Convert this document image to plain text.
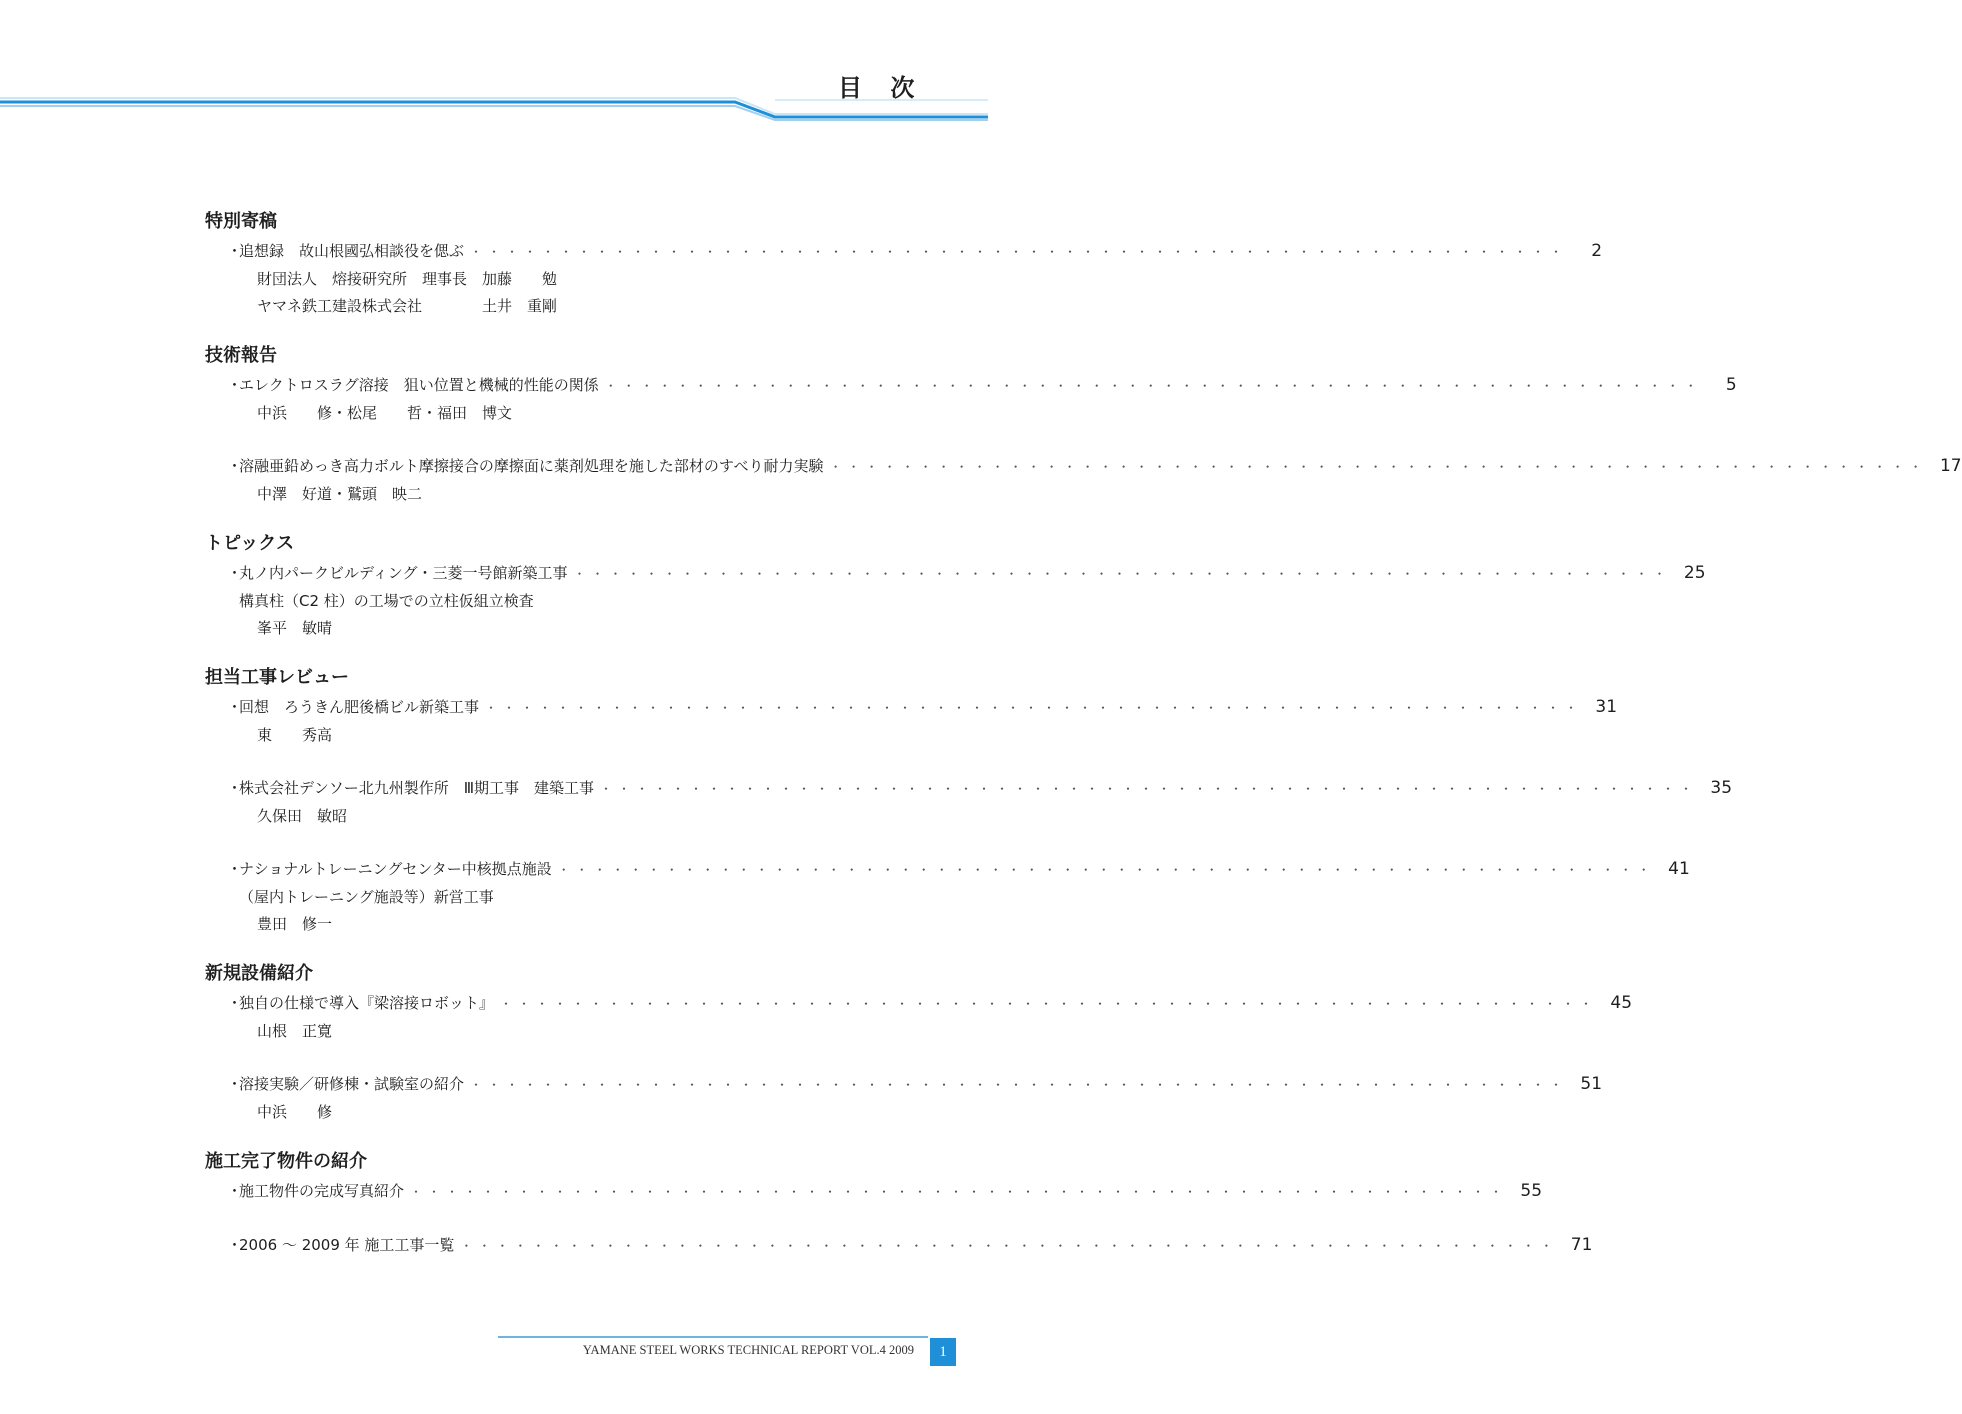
目 次
特別寄稿
・
追想録　故山根國弘相談役を偲ぶ ・・・・・・・・・・・・・・・・・・・・・・・・・・・・・・・・・・・・・・・・・・・・・・・・・・・・・・・・・・・・・	2
財団法人　熔接研究所　理事長　加藤　　勉
ヤマネ鉄工建設株式会社　　　　土井　重剛
技術報告
・
エレクトロスラグ溶接　狙い位置と機械的性能の関係 ・・・・・・・・・・・・・・・・・・・・・・・・・・・・・・・・・・・・・・・・・・・・・・・・・・・・・・・・・・・・・	5
中浜　　修・松尾　　哲・福田　博文
・
溶融亜鉛めっき高力ボルト摩擦接合の摩擦面に薬剤処理を施した部材のすべり耐力実験 ・・・・・・・・・・・・・・・・・・・・・・・・・・・・・・・・・・・・・・・・・・・・・・・・・・・・・・・・・・・・・ 17
中澤　好道・鷲頭　映二
トピックス
・
丸ノ内パークビルディング・三菱一号館新築工事 ・・・・・・・・・・・・・・・・・・・・・・・・・・・・・・・・・・・・・・・・・・・・・・・・・・・・・・・・・・・・・ 25
構真柱（C2 柱）の工場での立柱仮組立検査
峯平　敏晴
担当工事レビュー
・
回想　ろうきん肥後橋ビル新築工事 ・・・・・・・・・・・・・・・・・・・・・・・・・・・・・・・・・・・・・・・・・・・・・・・・・・・・・・・・・・・・・ 31
東　　秀高
・
株式会社デンソー北九州製作所　Ⅲ期工事　建築工事 ・・・・・・・・・・・・・・・・・・・・・・・・・・・・・・・・・・・・・・・・・・・・・・・・・・・・・・・・・・・・・ 35
久保田　敏昭
・
ナショナルトレーニングセンター中核拠点施設 ・・・・・・・・・・・・・・・・・・・・・・・・・・・・・・・・・・・・・・・・・・・・・・・・・・・・・・・・・・・・・ 41
（屋内トレーニング施設等）新営工事
豊田　修一
新規設備紹介
・
独自の仕様で導入『梁溶接ロボット』 ・・・・・・・・・・・・・・・・・・・・・・・・・・・・・・・・・・・・・・・・・・・・・・・・・・・・・・・・・・・・・ 45
山根　正寛
・
溶接実験／研修棟・試験室の紹介 ・・・・・・・・・・・・・・・・・・・・・・・・・・・・・・・・・・・・・・・・・・・・・・・・・・・・・・・・・・・・・ 51
中浜　　修
施工完了物件の紹介
・
施工物件の完成写真紹介 ・・・・・・・・・・・・・・・・・・・・・・・・・・・・・・・・・・・・・・・・・・・・・・・・・・・・・・・・・・・・・ 55
・
2006 ～ 2009 年 施工工事一覧 ・・・・・・・・・・・・・・・・・・・・・・・・・・・・・・・・・・・・・・・・・・・・・・・・・・・・・・・・・・・・・ 71
YAMANE STEEL WORKS TECHNICAL REPORT VOL.4 2009	1
